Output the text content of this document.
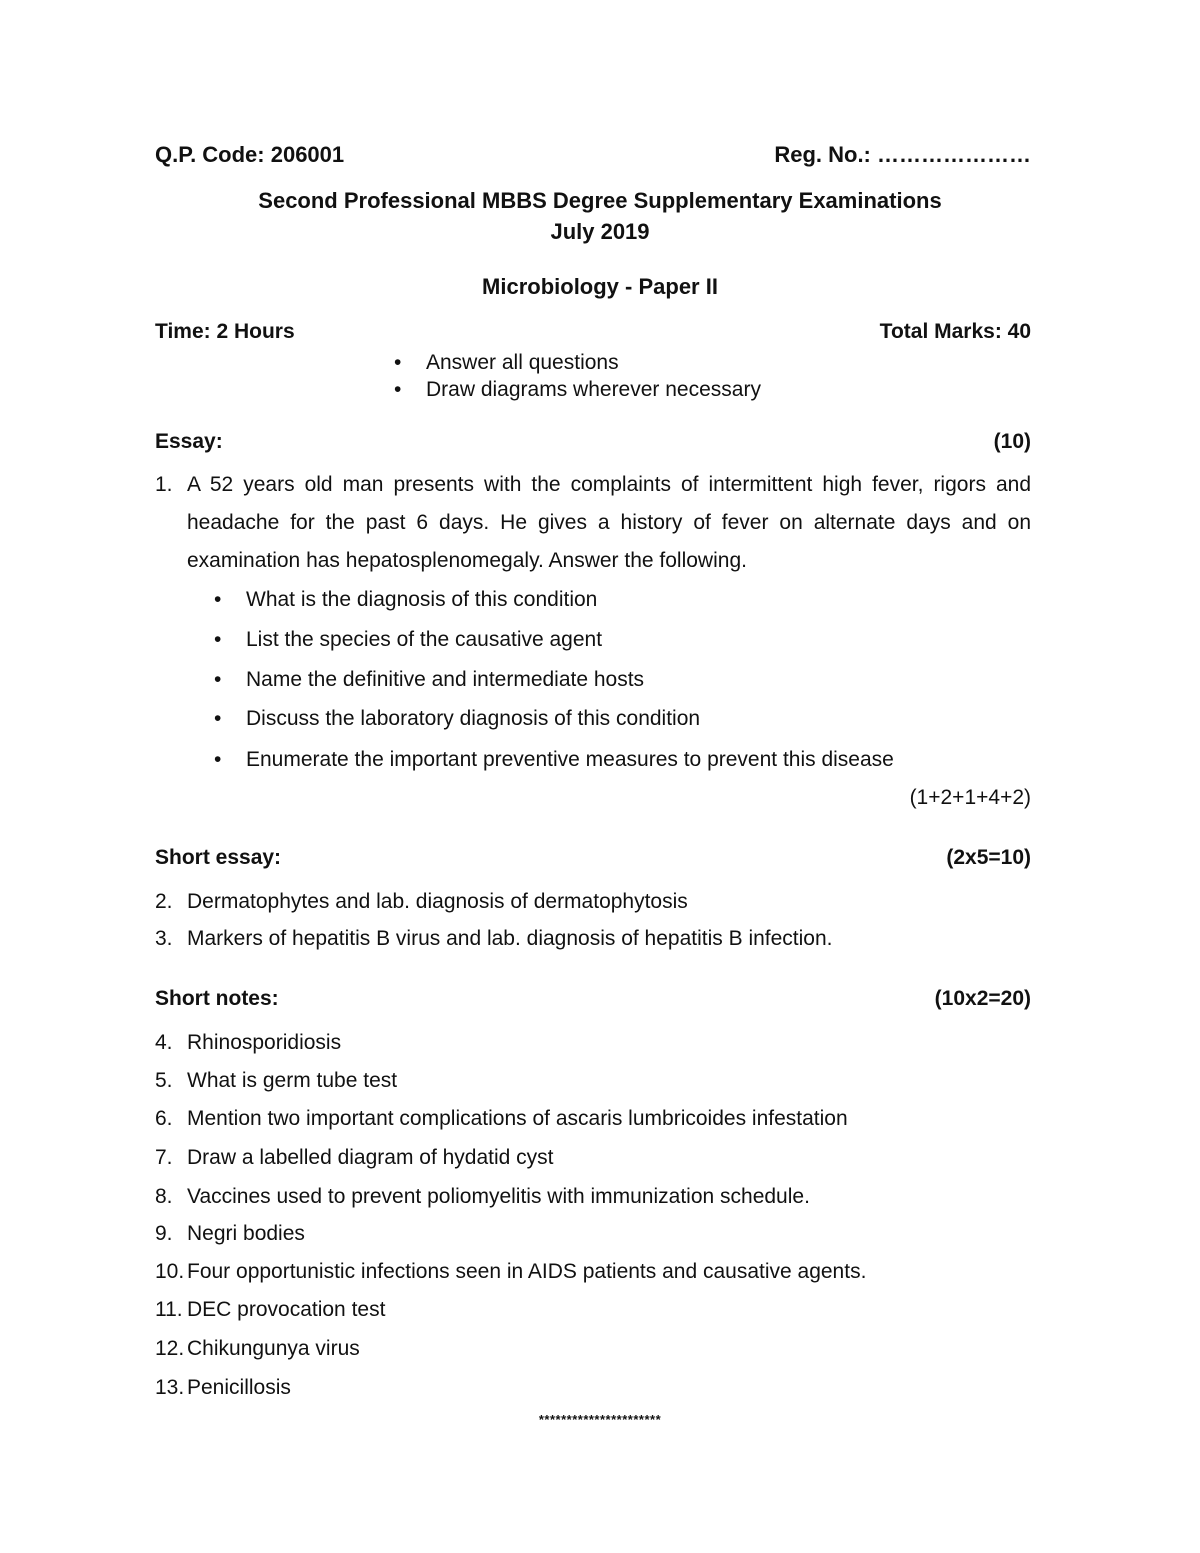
Q.P. Code: 206001	Reg. No.: …………………
Second Professional MBBS Degree Supplementary Examinations
July 2019
Microbiology - Paper II
Time: 2 Hours	Total Marks: 40
• Answer all questions
• Draw diagrams wherever necessary
Essay:	(10)
1. A 52 years old man presents with the complaints of intermittent high fever, rigors and
headache for the past 6 days. He gives a history of fever on alternate days and on
examination has hepatosplenomegaly. Answer the following.
• What is the diagnosis of this condition
• List the species of the causative agent
• Name the definitive and intermediate hosts
• Discuss the laboratory diagnosis of this condition
• Enumerate the important preventive measures to prevent this disease
(1+2+1+4+2)
Short essay:	(2x5=10)
2. Dermatophytes and lab. diagnosis of dermatophytosis
3. Markers of hepatitis B virus and lab. diagnosis of hepatitis B infection.
Short notes:	(10x2=20)
4. Rhinosporidiosis
5. What is germ tube test
6. Mention two important complications of ascaris lumbricoides infestation
7. Draw a labelled diagram of hydatid cyst
8. Vaccines used to prevent poliomyelitis with immunization schedule.
9. Negri bodies
10. Four opportunistic infections seen in AIDS patients and causative agents.
11. DEC provocation test
12. Chikungunya virus
13. Penicillosis
**********************
